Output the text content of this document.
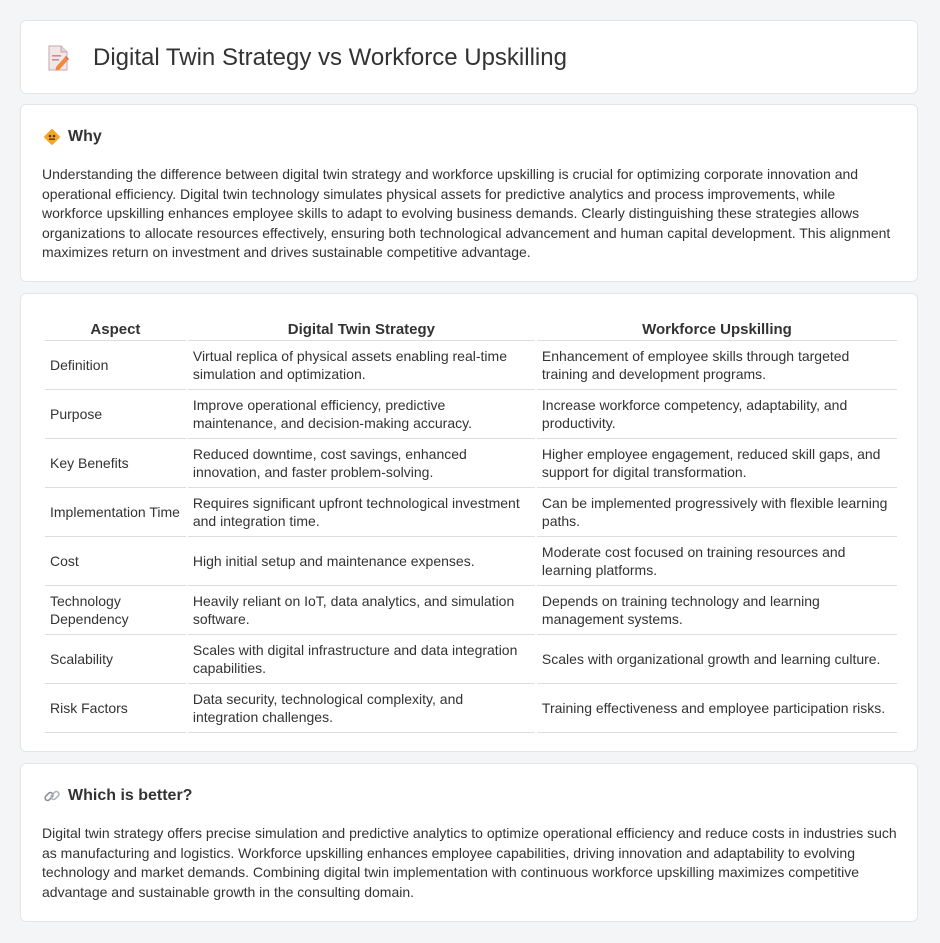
Digital Twin Strategy vs Workforce Upskilling
Why

Understanding the difference between digital twin strategy and workforce upskilling is crucial for optimizing corporate innovation and operational efficiency. Digital twin technology simulates physical assets for predictive analytics and process improvements, while workforce upskilling enhances employee skills to adapt to evolving business demands. Clearly distinguishing these strategies allows organizations to allocate resources effectively, ensuring both technological advancement and human capital development. This alignment maximizes return on investment and drives sustainable competitive advantage.

Aspect	Digital Twin Strategy	Workforce Upskilling
Definition	Virtual replica of physical assets enabling real-time simulation and optimization.	Enhancement of employee skills through targeted training and development programs.
Purpose	Improve operational efficiency, predictive maintenance, and decision-making accuracy.	Increase workforce competency, adaptability, and productivity.
Key Benefits	Reduced downtime, cost savings, enhanced innovation, and faster problem-solving.	Higher employee engagement, reduced skill gaps, and support for digital transformation.
Implementation Time	Requires significant upfront technological investment and integration time.	Can be implemented progressively with flexible learning paths.
Cost	High initial setup and maintenance expenses.	Moderate cost focused on training resources and learning platforms.
Technology Dependency	Heavily reliant on IoT, data analytics, and simulation software.	Depends on training technology and learning management systems.
Scalability	Scales with digital infrastructure and data integration capabilities.	Scales with organizational growth and learning culture.
Risk Factors	Data security, technological complexity, and integration challenges.	Training effectiveness and employee participation risks.
Which is better?

Digital twin strategy offers precise simulation and predictive analytics to optimize operational efficiency and reduce costs in industries such as manufacturing and logistics. Workforce upskilling enhances employee capabilities, driving innovation and adaptability to evolving technology and market demands. Combining digital twin implementation with continuous workforce upskilling maximizes competitive advantage and sustainable growth in the consulting domain.
